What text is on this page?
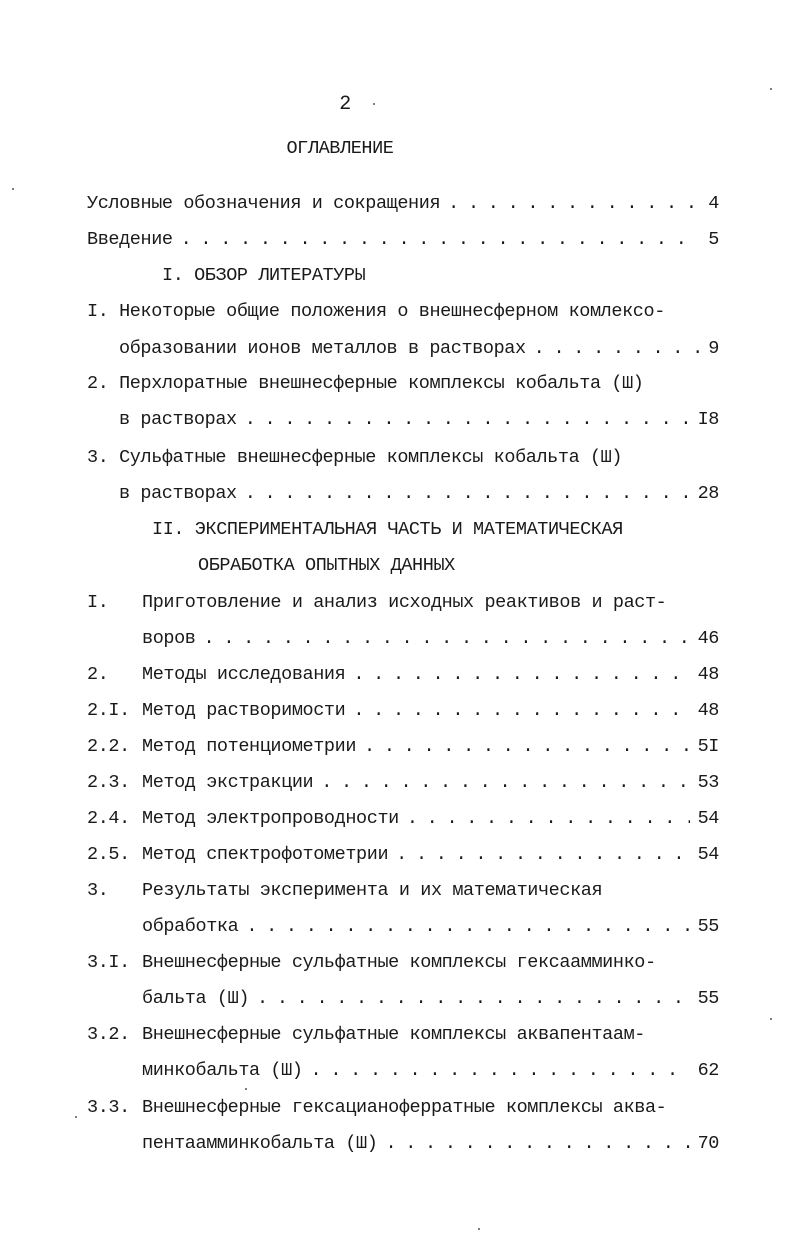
2
ОГЛАВЛЕНИЕ
Условные обозначения и сокращения . . .	4
Введение . . .	5
I. ОБЗОР ЛИТЕРАТУРЫ
I. Некоторые общие положения о внешнесферном комлексо-
образовании ионов металлов в растворах . . .	9
2. Перхлоратные внешнесферные комплексы кобальта (Ш)
в растворах . . .	I8
3. Сульфатные внешнесферные комплексы кобальта (Ш)
в растворах . . .	28
II. ЭКСПЕРИМЕНТАЛЬНАЯ ЧАСТЬ И МАТЕМАТИЧЕСКАЯ
ОБРАБОТКА ОПЫТНЫХ ДАННЫХ
I. Приготовление и анализ исходных реактивов и раст-
воров . . .	46
2. Методы исследования . . .	48
2.I. Метод растворимости . . .	48
2.2. Метод потенциометрии . . .	5I
2.3. Метод экстракции . . .	53
2.4. Метод электропроводности . . .	54
2.5. Метод спектрофотометрии . . .	54
3. Результаты эксперимента и их математическая
обработка . . .	55
3.I. Внешнесферные сульфатные комплексы гексаамминко-
бальта (Ш) . . .	55
3.2. Внешнесферные сульфатные комплексы аквапентаам-
минкобальта (Ш) . . .	62
3.3. Внешнесферные гексацианоферратные комплексы аква-
пентаамминкобальта (Ш) . . .	70
